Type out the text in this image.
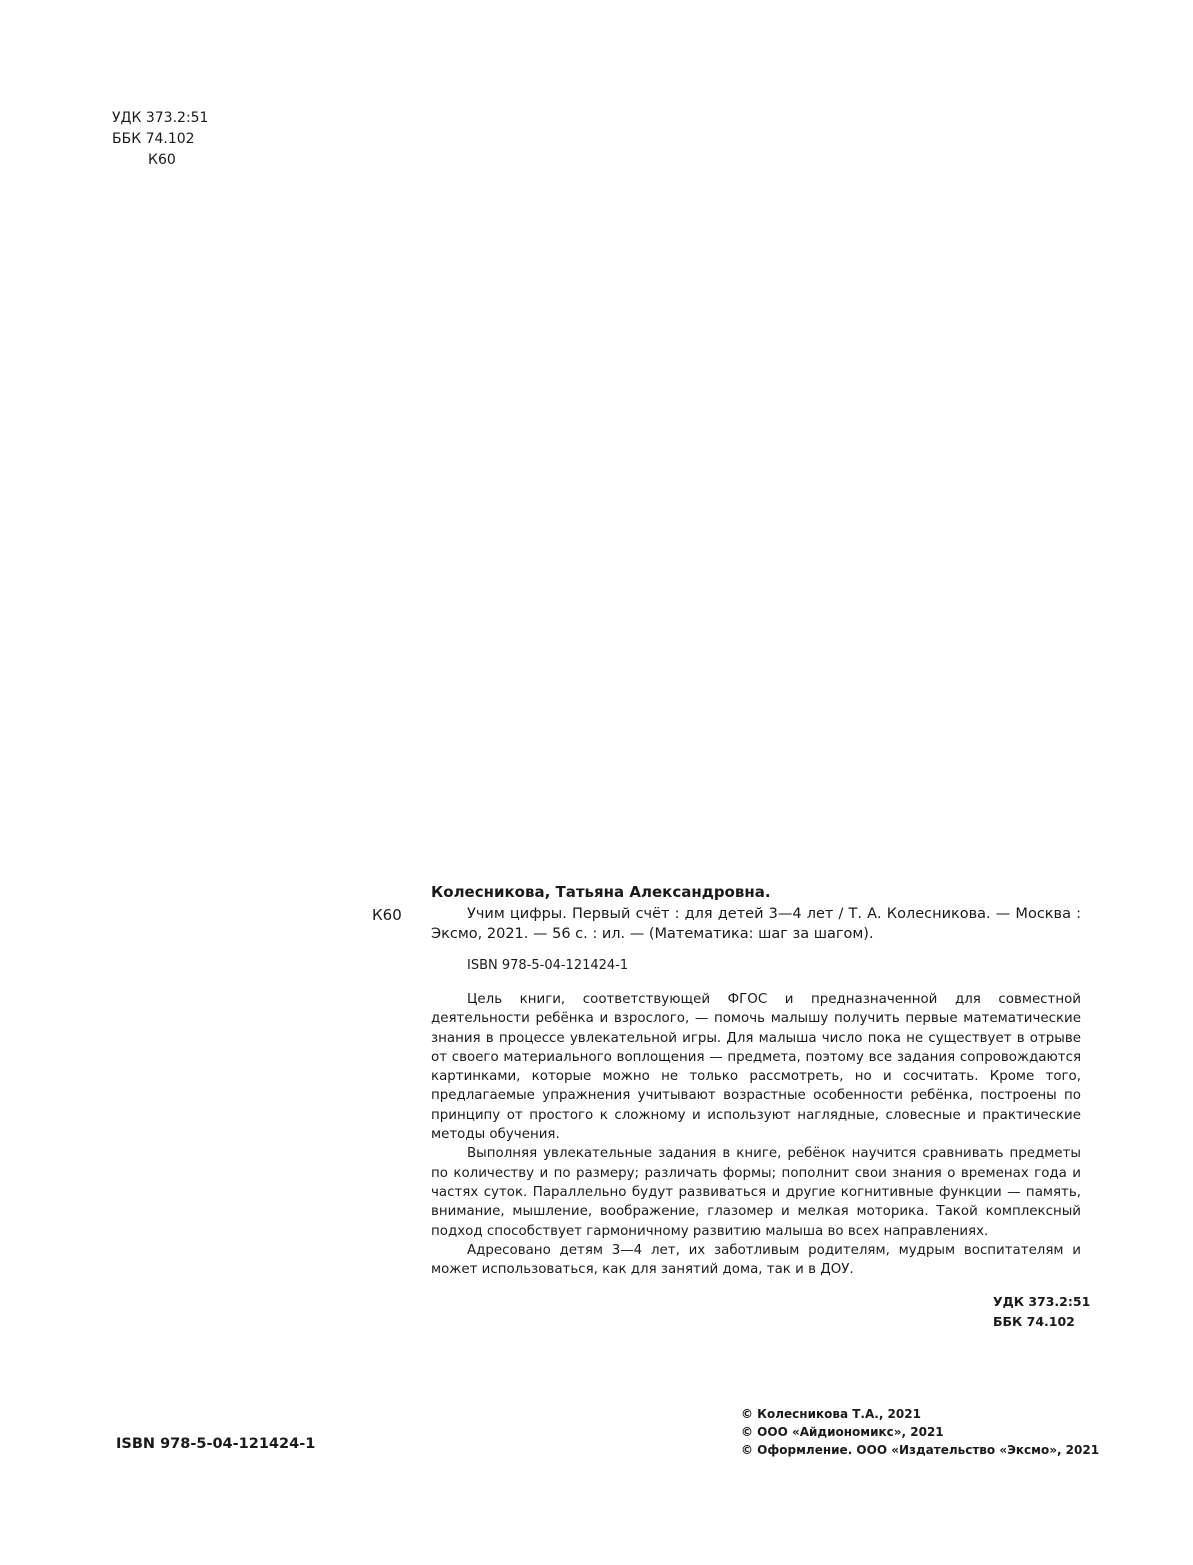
УДК 373.2:51
ББК 74.102
К60
К60
Колесникова, Татьяна Александровна.
Учим цифры. Первый счёт : для детей 3—4 лет / Т. А. Колесникова. — Москва : Эксмо, 2021. — 56 с. : ил. — (Математика: шаг за шагом).
ISBN 978-5-04-121424-1

Цель книги, соответствующей ФГОС и предназначенной для совместной деятельности ребёнка и взрослого, — помочь малышу получить первые математические знания в процессе увлекательной игры. Для малыша число пока не существует в отрыве от своего материального воплощения — предмета, поэтому все задания сопровождаются картинками, которые можно не только рассмотреть, но и сосчитать. Кроме того, предлагаемые упражнения учитывают возрастные особенности ребёнка, построены по принципу от простого к сложному и используют наглядные, словесные и практические методы обучения.

Выполняя увлекательные задания в книге, ребёнок научится сравнивать предметы по количеству и по размеру; различать формы; пополнит свои знания о временах года и частях суток. Параллельно будут развиваться и другие когнитивные функции — память, внимание, мышление, воображение, глазомер и мелкая моторика. Такой комплексный подход способствует гармоничному развитию малыша во всех направлениях.

Адресовано детям 3—4 лет, их заботливым родителям, мудрым воспитателям и может использоваться, как для занятий дома, так и в ДОУ.

УДК 373.2:51
ББК 74.102
ISBN 978-5-04-121424-1
© Колесникова Т.А., 2021
© ООО «Айдиономикс», 2021
© Оформление. ООО «Издательство «Эксмо», 2021
